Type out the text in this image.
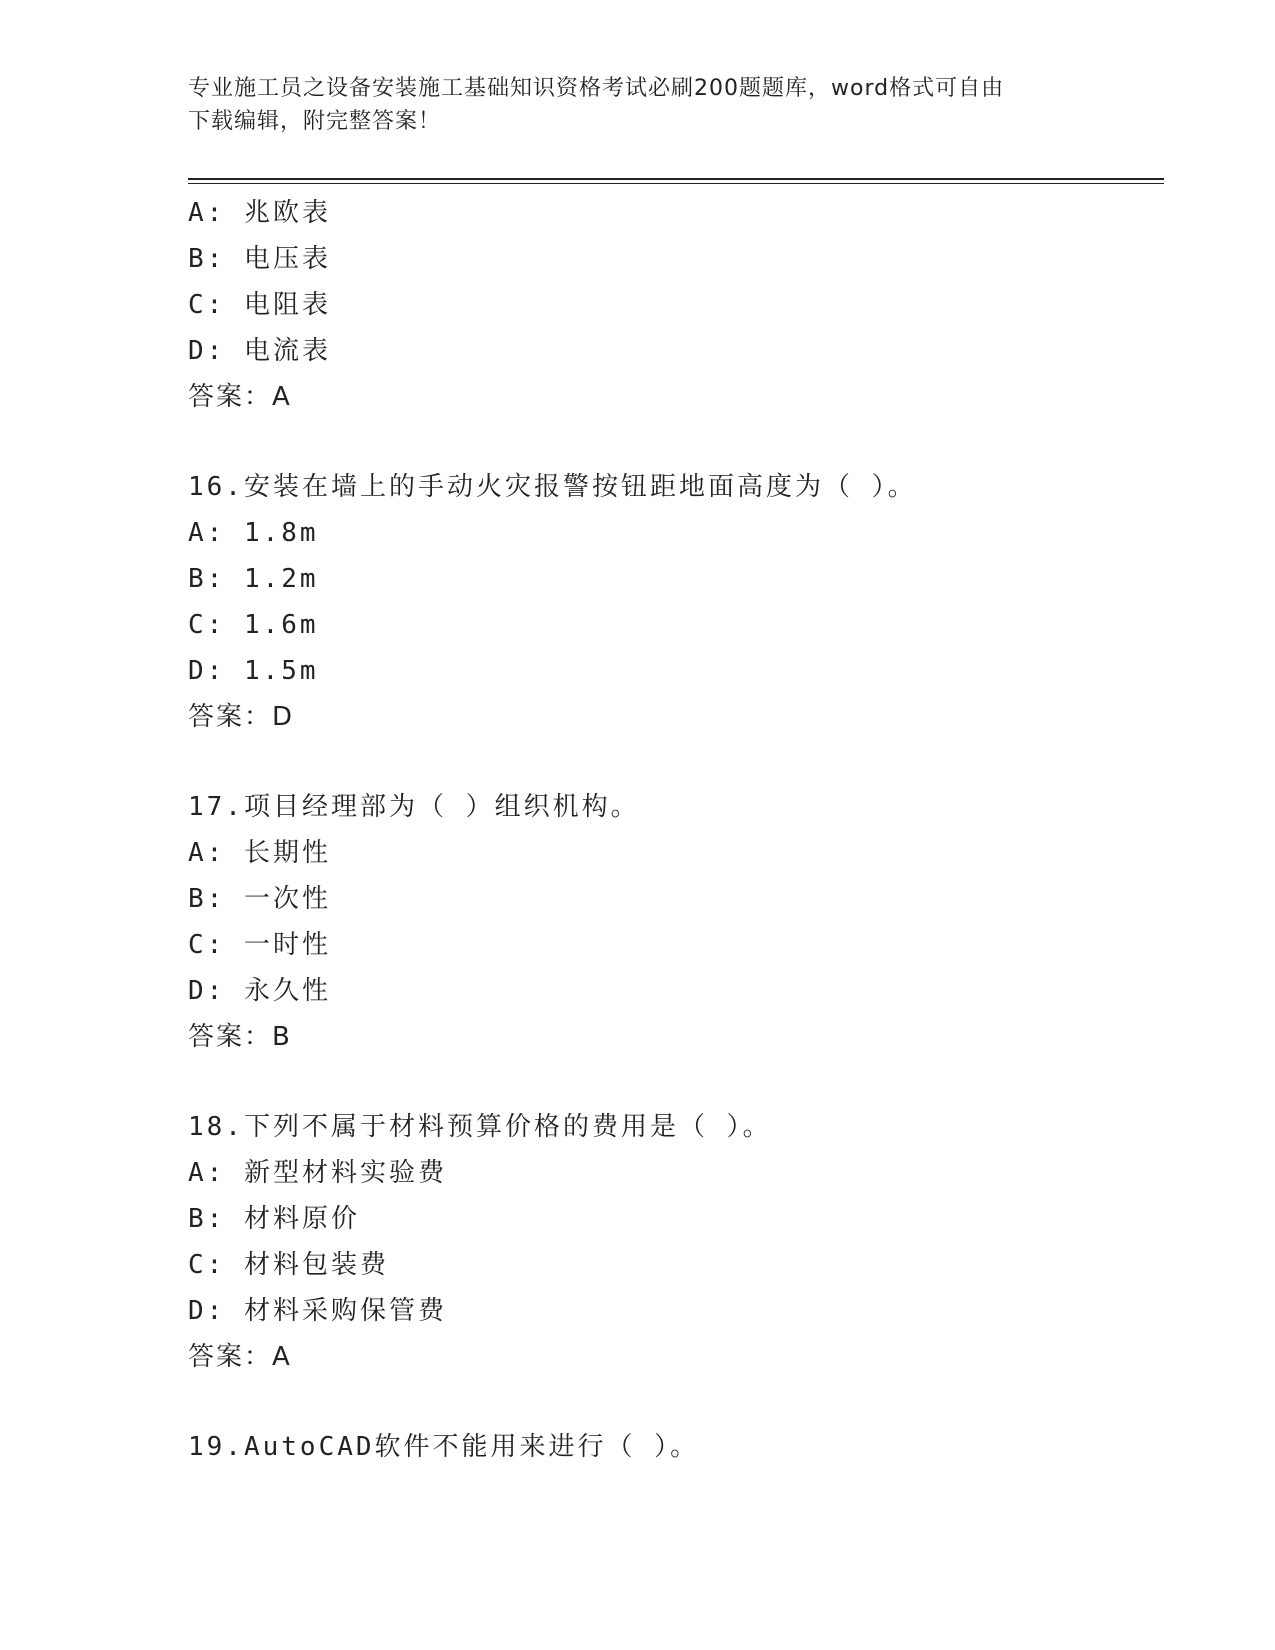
专业施工员之设备安装施工基础知识资格考试必刷200题题库，word格式可自由
下载编辑，附完整答案！
A: 兆欧表
B: 电压表
C: 电阻表
D: 电流表
答案：A
16.安装在墙上的手动火灾报警按钮距地面高度为（ ）。
A: 1.8m
B: 1.2m
C: 1.6m
D: 1.5m
答案：D
17.项目经理部为（ ）组织机构。
A: 长期性
B: 一次性
C: 一时性
D: 永久性
答案：B
18.下列不属于材料预算价格的费用是（ ）。
A: 新型材料实验费
B: 材料原价
C: 材料包装费
D: 材料采购保管费
答案：A
19.AutoCAD软件不能用来进行（ ）。
